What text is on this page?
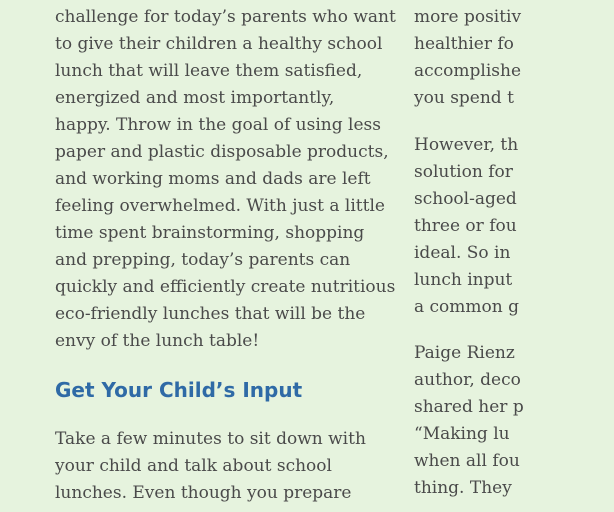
challenge for today’s parents who want
to give their children a healthy school
lunch that will leave them satisfied,
energized and most importantly,
happy. Throw in the goal of using less
paper and plastic disposable products,
and working moms and dads are left
feeling overwhelmed. With just a little
time spent brainstorming, shopping
and prepping, today’s parents can
quickly and efficiently create nutritious
eco-friendly lunches that will be the
envy of the lunch table!
Get Your Child’s Input
Take a few minutes to sit down with
your child and talk about school
lunches. Even though you prepare
more positiv
healthier fo
accomplishe
you spend t
However, th
solution for
school-aged
three or fou
ideal. So in
lunch input
a common g
Paige Rienz
author, deco
shared her p
“Making lu
when all fou
thing. They
